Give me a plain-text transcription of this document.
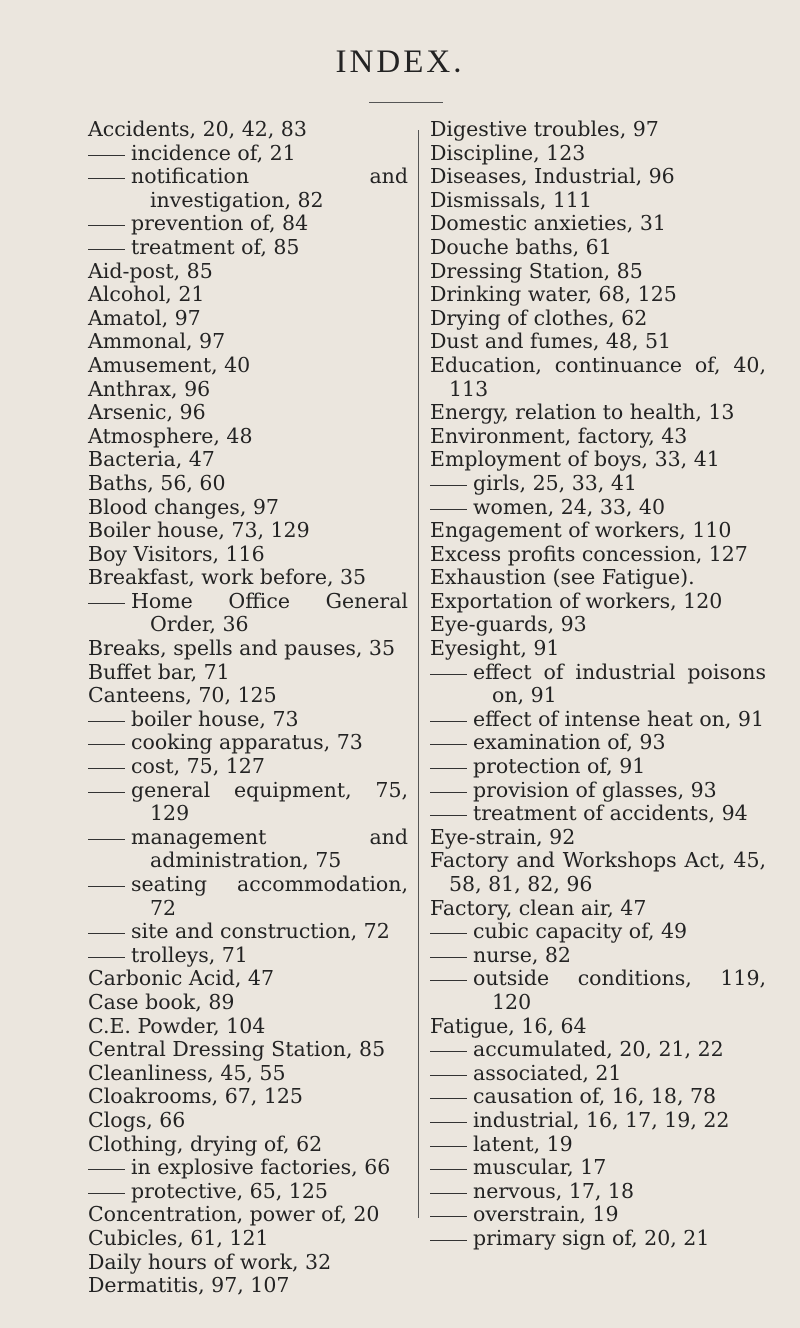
INDEX.
Accidents, 20, 42, 83
incidence of, 21
notification and investigation, 82
prevention of, 84
treatment of, 85
Aid-post, 85
Alcohol, 21
Amatol, 97
Ammonal, 97
Amusement, 40
Anthrax, 96
Arsenic, 96
Atmosphere, 48
Bacteria, 47
Baths, 56, 60
Blood changes, 97
Boiler house, 73, 129
Boy Visitors, 116
Breakfast, work before, 35
Home Office General Order, 36
Breaks, spells and pauses, 35
Buffet bar, 71
Canteens, 70, 125
boiler house, 73
cooking apparatus, 73
cost, 75, 127
general equipment, 75, 129
management and administration, 75
seating accommodation, 72
site and construction, 72
trolleys, 71
Carbonic Acid, 47
Case book, 89
C.E. Powder, 104
Central Dressing Station, 85
Cleanliness, 45, 55
Cloakrooms, 67, 125
Clogs, 66
Clothing, drying of, 62
in explosive factories, 66
protective, 65, 125
Concentration, power of, 20
Cubicles, 61, 121
Daily hours of work, 32
Dermatitis, 97, 107
Digestive troubles, 97
Discipline, 123
Diseases, Industrial, 96
Dismissals, 111
Domestic anxieties, 31
Douche baths, 61
Dressing Station, 85
Drinking water, 68, 125
Drying of clothes, 62
Dust and fumes, 48, 51
Education, continuance of, 40, 113
Energy, relation to health, 13
Environment, factory, 43
Employment of boys, 33, 41
girls, 25, 33, 41
women, 24, 33, 40
Engagement of workers, 110
Excess profits concession, 127
Exhaustion (see Fatigue).
Exportation of workers, 120
Eye-guards, 93
Eyesight, 91
effect of industrial poisons on, 91
effect of intense heat on, 91
examination of, 93
protection of, 91
provision of glasses, 93
treatment of accidents, 94
Eye-strain, 92
Factory and Workshops Act, 45, 58, 81, 82, 96
Factory, clean air, 47
cubic capacity of, 49
nurse, 82
outside conditions, 119, 120
Fatigue, 16, 64
accumulated, 20, 21, 22
associated, 21
causation of, 16, 18, 78
industrial, 16, 17, 19, 22
latent, 19
muscular, 17
nervous, 17, 18
overstrain, 19
primary sign of, 20, 21
